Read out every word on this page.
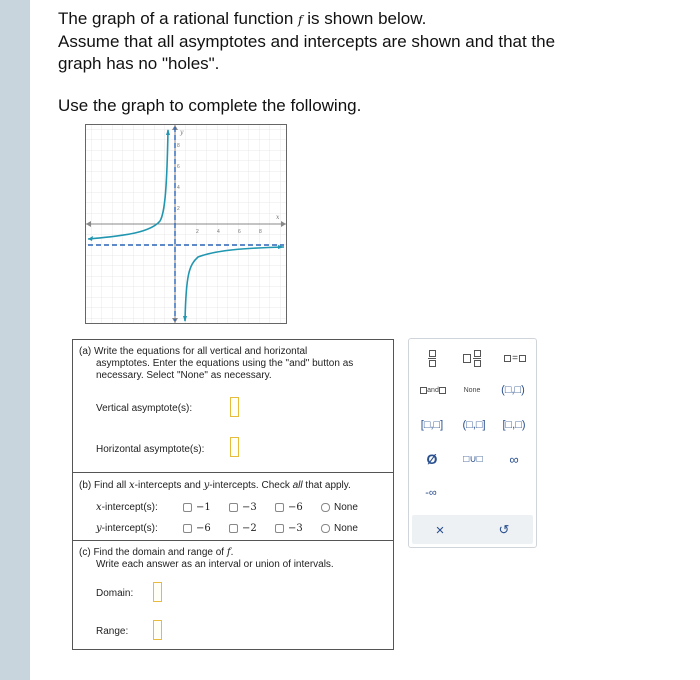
The graph of a rational function f is shown below.

Assume that all asymptotes and intercepts are shown and that the

graph has no "holes".

Use the graph to complete the following.
2	4	6	8
8
6
4
2
x
y
(a) Write the equations for all vertical and horizontal
asymptotes. Enter the equations using the "and" button as
necessary. Select "None" as necessary.
Vertical asymptote(s):
Horizontal asymptote(s):
(b) Find all x-intercepts and y-intercepts. Check all that apply.
x-intercept(s):	−1	−3	−6	None
y-intercept(s):	−6	−2	−3	None
(c) Find the domain and range of f.
Write each answer as an interval or union of intervals.
Domain:
Range:
=
and	None	(□,□)
[□,□]	(□,□]	[□,□)
Ø	□∪□	∞
-∞
×	↺
